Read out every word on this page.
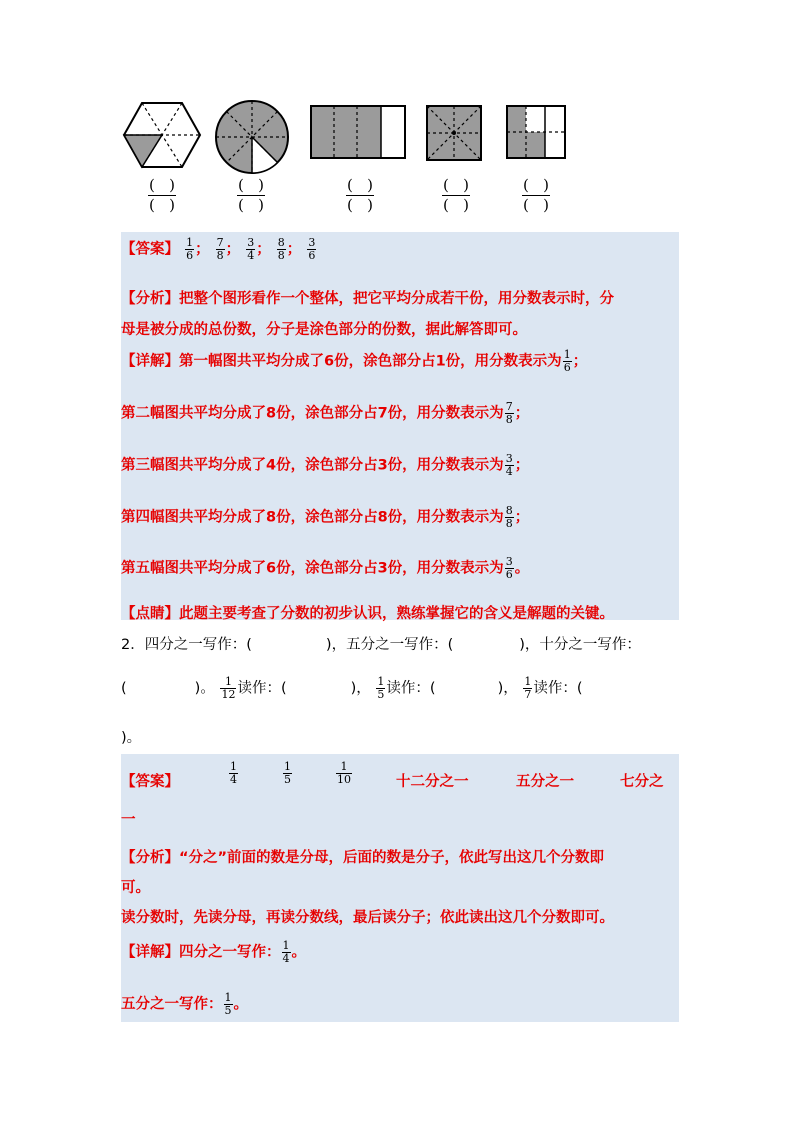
( )
( )
( )
( )
( )
( )
( )
( )
( )
( )
【答案】 $\frac{1}{6}$ ； $\frac{7}{8}$ ； $\frac{3}{4}$ ； $\frac{8}{8}$ ； $\frac{3}{6}$
【分析】把整个图形看作一个整体，把它平均分成若干份，用分数表示时，分
母是被分成的总份数，分子是涂色部分的份数，据此解答即可。
【详解】第一幅图共平均分成了6份，涂色部分占1份，用分数表示为 $\frac{1}{6}$ ；
第二幅图共平均分成了8份，涂色部分占7份，用分数表示为 $\frac{7}{8}$ ；
第三幅图共平均分成了4份，涂色部分占3份，用分数表示为 $\frac{3}{4}$ ；
第四幅图共平均分成了8份，涂色部分占8份，用分数表示为 $\frac{8}{8}$ ；
第五幅图共平均分成了6份，涂色部分占3份，用分数表示为 $\frac{3}{6}$ 。
【点睛】此题主要考查了分数的初步认识，熟练掌握它的含义是解题的关键。
2．四分之一写作：(	)，五分之一写作：(	)，十分之一写作：
(	)。 $\frac{1}{12}$ 读作：(	)， $\frac{1}{5}$ 读作：(	)， $\frac{1}{7}$ 读作：(
)。
【答案】	$\frac{1}{4}$	$\frac{1}{5}$	$\frac{1}{10}$	十二分之一	五分之一	七分之
一
【分析】“分之”前面的数是分母，后面的数是分子，依此写出这几个分数即
可。
读分数时，先读分母，再读分数线，最后读分子；依此读出这几个分数即可。
【详解】四分之一写作： $\frac{1}{4}$ 。
五分之一写作： $\frac{1}{5}$ 。
